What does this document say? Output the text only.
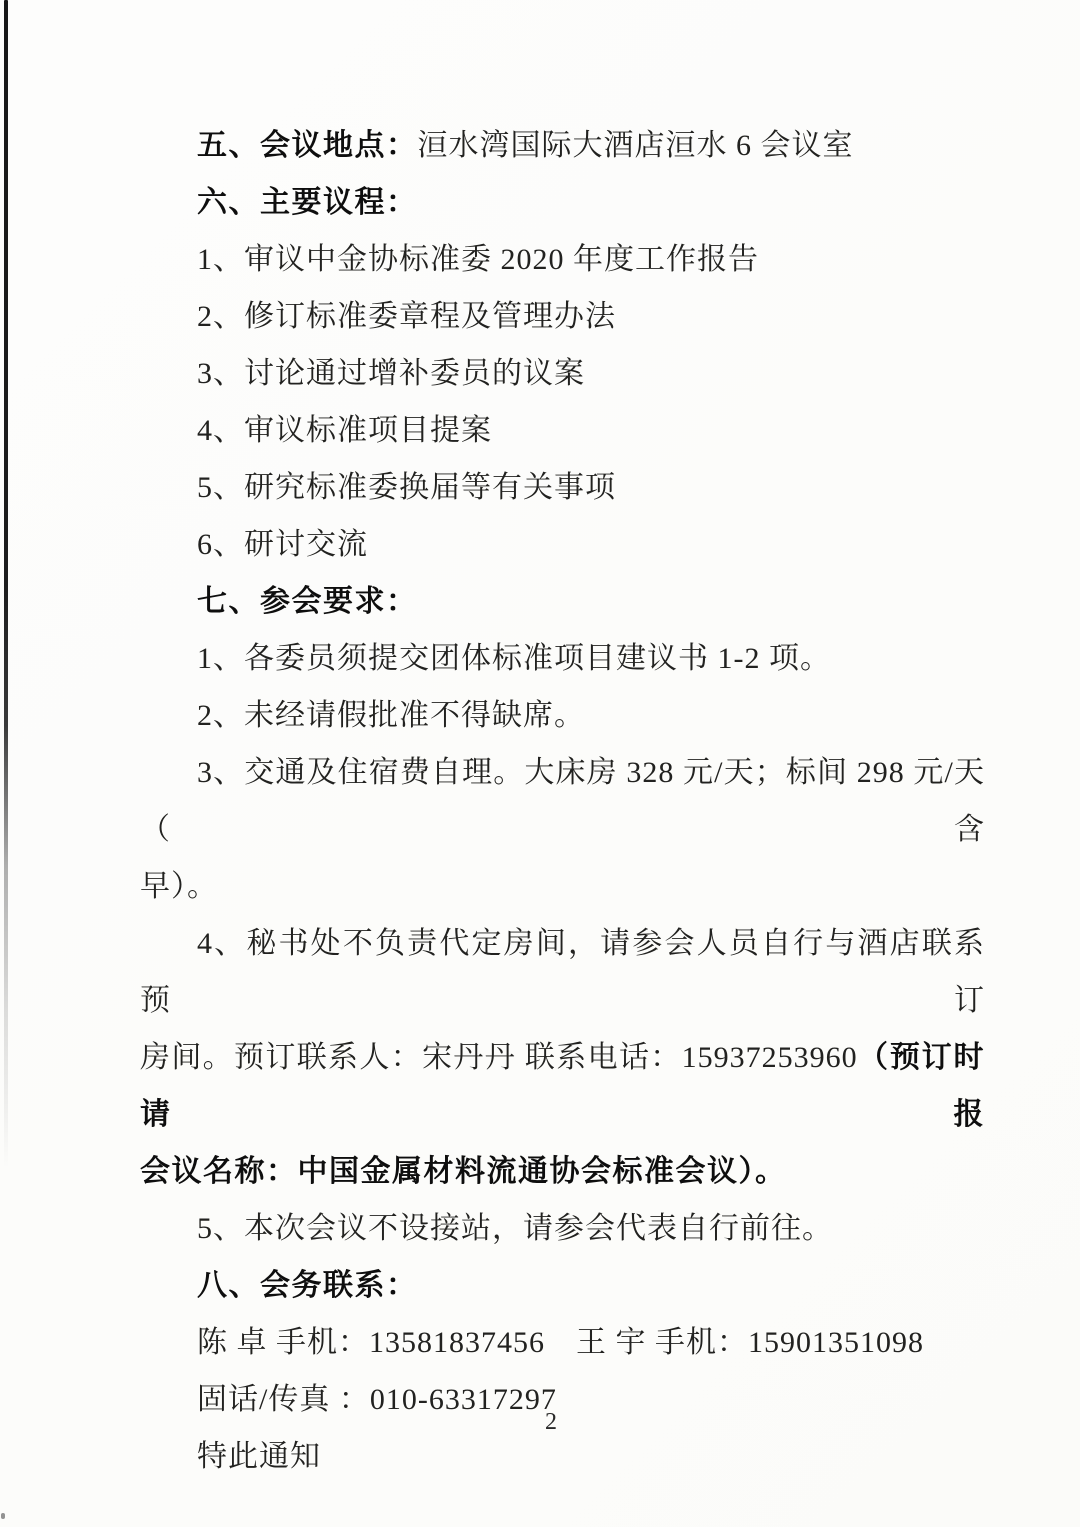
五、会议地点：洹水湾国际大酒店洹水 6 会议室
六、主要议程：
1、审议中金协标准委 2020 年度工作报告
2、修订标准委章程及管理办法
3、讨论通过增补委员的议案
4、审议标准项目提案
5、研究标准委换届等有关事项
6、研讨交流
七、参会要求：
1、各委员须提交团体标准项目建议书 1-2 项。
2、未经请假批准不得缺席。
3、交通及住宿费自理。大床房 328 元/天；标间 298 元/天（含
早）。
4、秘书处不负责代定房间，请参会人员自行与酒店联系预订
房间。预订联系人：宋丹丹 联系电话：15937253960（预订时请报
会议名称：中国金属材料流通协会标准会议）。
5、本次会议不设接站，请参会代表自行前往。
八、会务联系：
陈 卓 手机：13581837456　王 宇 手机：15901351098
固话/传真 ：010-63317297
特此通知
2
